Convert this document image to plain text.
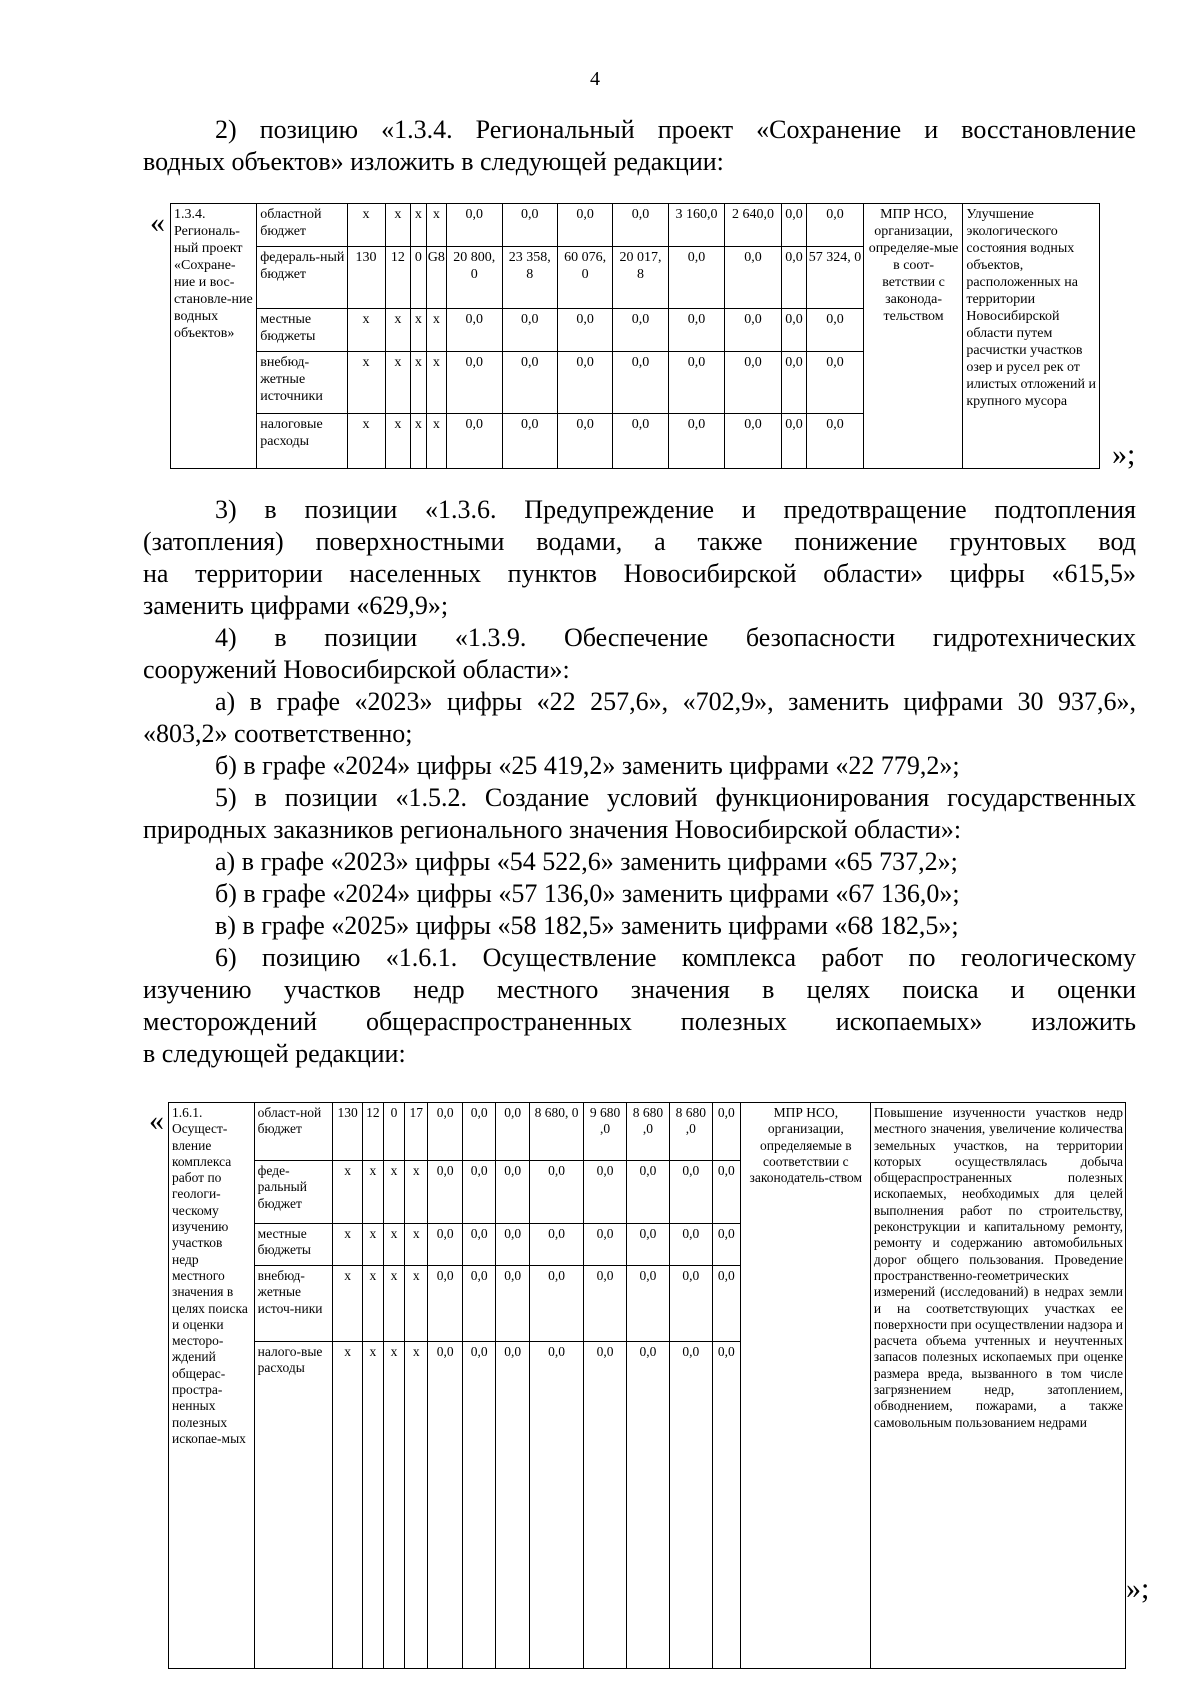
4
2) позицию «1.3.4. Региональный проект «Сохранение и восстановление
водных объектов» изложить в следующей редакции:
« 1.3.4. Региональ-ный проект «Сохране-ние и вос-становле-ние водных объектов»	областной бюджет	х	х	х	х	0,0	0,0	0,0	0,0	3 160,0	2 640,0	0,0	0,0	МПР НСО, организации, определяе-мые в соот-ветствии с законода-тельством	Улучшение экологического состояния водных объектов, расположенных на территории Новосибирской области путем расчистки участков озер и русел рек от илистых отложений и крупного мусора
	федераль-ный бюджет	130	12	0	G8	20 800, 0	23 358, 8	60 076, 0	20 017, 8	0,0	0,0	0,0	57 324, 0		
	местные бюджеты	х	х	х	х	0,0	0,0	0,0	0,0	0,0	0,0	0,0	0,0		
	внебюд-жетные источники	х	х	х	х	0,0	0,0	0,0	0,0	0,0	0,0	0,0	0,0		
	налоговые расходы	х	х	х	х	0,0	0,0	0,0	0,0	0,0	0,0	0,0	0,0		
»;
3) в позиции «1.3.6. Предупреждение и предотвращение подтопления
(затопления) поверхностными водами, а также понижение грунтовых вод
на территории населенных пунктов Новосибирской области» цифры «615,5»
заменить цифрами «629,9»;
4) в позиции «1.3.9. Обеспечение безопасности гидротехнических
сооружений Новосибирской области»:
а) в графе «2023» цифры «22 257,6», «702,9», заменить цифрами 30 937,6»,
«803,2» соответственно;
б) в графе «2024» цифры «25 419,2» заменить цифрами «22 779,2»;
5) в позиции «1.5.2. Создание условий функционирования государственных
природных заказников регионального значения Новосибирской области»:
а) в графе «2023» цифры «54 522,6» заменить цифрами «65 737,2»;
б) в графе «2024» цифры «57 136,0» заменить цифрами «67 136,0»;
в) в графе «2025» цифры «58 182,5» заменить цифрами «68 182,5»;
6) позицию «1.6.1. Осуществление комплекса работ по геологическому
изучению участков недр местного значения в целях поиска и оценки
месторождений общераспространенных полезных ископаемых» изложить
в следующей редакции:
« 1.6.1. Осущест-вление комплекса работ по геологи-ческому изучению участков недр местного значения в целях поиска и оценки месторо-ждений общерас-простра-ненных полезных ископае-мых	област-ной бюджет	130	12	0	17	0,0	0,0	0,0	8 680, 0	9 680 ,0	8 680 ,0	8 680 ,0	0,0	МПР НСО, организации, определяемые в соответствии с законодатель-ством	Повышение изученности участков недр местного значения, увеличение количества земельных участков, на территории которых осуществлялась добыча общераспространенных полезных ископаемых, необходимых для целей выполнения работ по строительству, реконструкции и капитальному ремонту, ремонту и содержанию автомобильных дорог общего пользования. Проведение пространственно-геометрических измерений (исследований) в недрах земли и на соответствующих участках ее поверхности при осуществлении надзора и расчета объема учтенных и неучтенных запасов полезных ископаемых при оценке размера вреда, вызванного в том числе загрязнением недр, затоплением, обводнением, пожарами, а также самовольным пользованием недрами
	феде-ральный бюджет	х	х	х	х	0,0	0,0	0,0	0,0	0,0	0,0	0,0	0,0		
	местные бюджеты	х	х	х	х	0,0	0,0	0,0	0,0	0,0	0,0	0,0	0,0		
	внебюд-жетные источ-ники	х	х	х	х	0,0	0,0	0,0	0,0	0,0	0,0	0,0	0,0		
	налого-вые расходы	х	х	х	х	0,0	0,0	0,0	0,0	0,0	0,0	0,0	0,0		
»;
